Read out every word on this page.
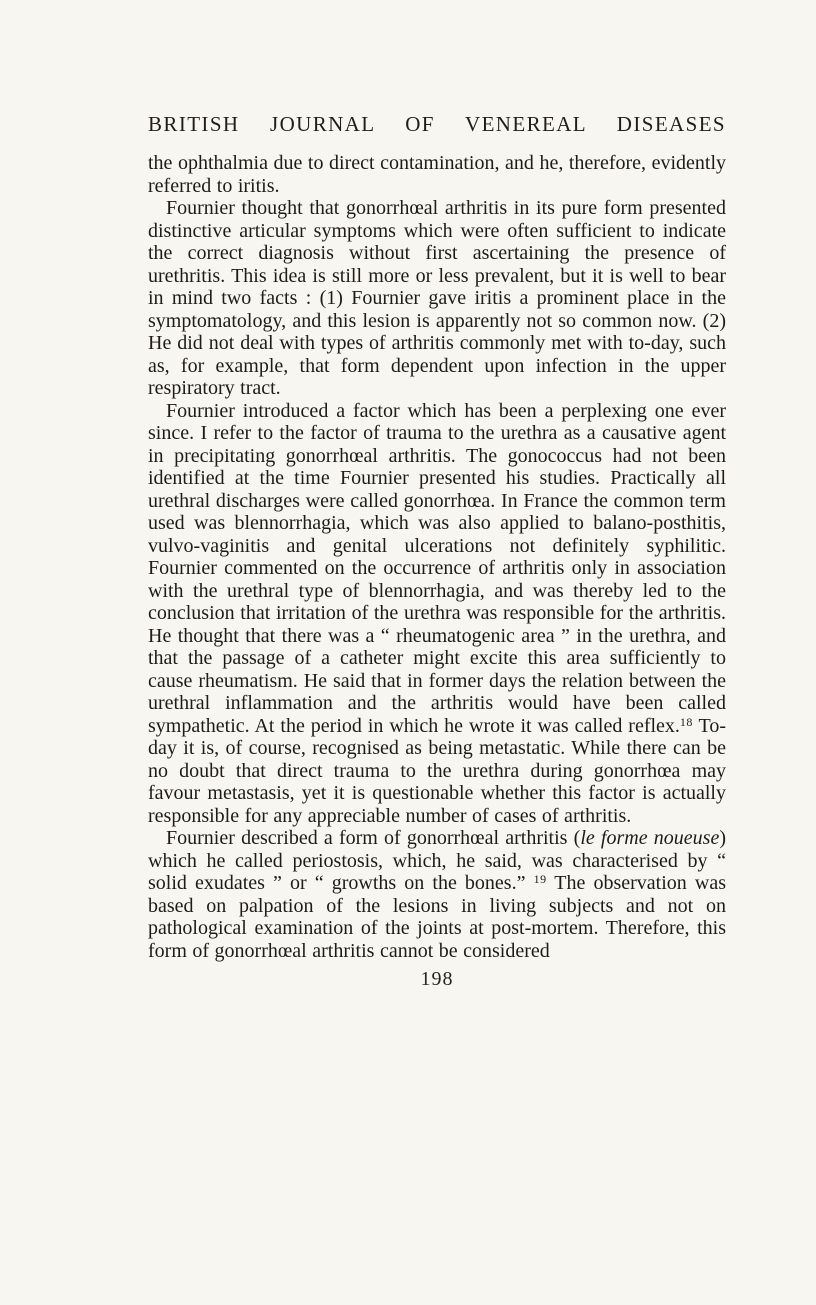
BRITISH JOURNAL OF VENEREAL DISEASES

the ophthalmia due to direct contamination, and he, therefore, evidently referred to iritis.

Fournier thought that gonorrhœal arthritis in its pure form presented distinctive articular symptoms which were often sufficient to indicate the correct diagnosis without first ascertaining the presence of urethritis. This idea is still more or less prevalent, but it is well to bear in mind two facts : (1) Fournier gave iritis a prominent place in the symptomatology, and this lesion is apparently not so common now. (2) He did not deal with types of arthritis commonly met with to-day, such as, for example, that form dependent upon infection in the upper respiratory tract.

Fournier introduced a factor which has been a perplexing one ever since. I refer to the factor of trauma to the urethra as a causative agent in precipitating gonorrhœal arthritis. The gonococcus had not been identified at the time Fournier presented his studies. Practically all urethral discharges were called gonorrhœa. In France the common term used was blennorrhagia, which was also applied to balano-posthitis, vulvo-vaginitis and genital ulcerations not definitely syphilitic. Fournier commented on the occurrence of arthritis only in association with the urethral type of blennorrhagia, and was thereby led to the conclusion that irritation of the urethra was responsible for the arthritis. He thought that there was a “ rheumatogenic area ” in the urethra, and that the passage of a catheter might excite this area sufficiently to cause rheumatism. He said that in former days the relation between the urethral inflammation and the arthritis would have been called sympathetic. At the period in which he wrote it was called reflex.$^{18}$ To-day it is, of course, recognised as being metastatic. While there can be no doubt that direct trauma to the urethra during gonorrhœa may favour metastasis, yet it is questionable whether this factor is actually responsible for any appreciable number of cases of arthritis.

Fournier described a form of gonorrhœal arthritis (le forme noueuse) which he called periostosis, which, he said, was characterised by “ solid exudates ” or “ growths on the bones.” $^{19}$ The observation was based on palpation of the lesions in living subjects and not on pathological examination of the joints at post-mortem. Therefore, this form of gonorrhœal arthritis cannot be considered

198
